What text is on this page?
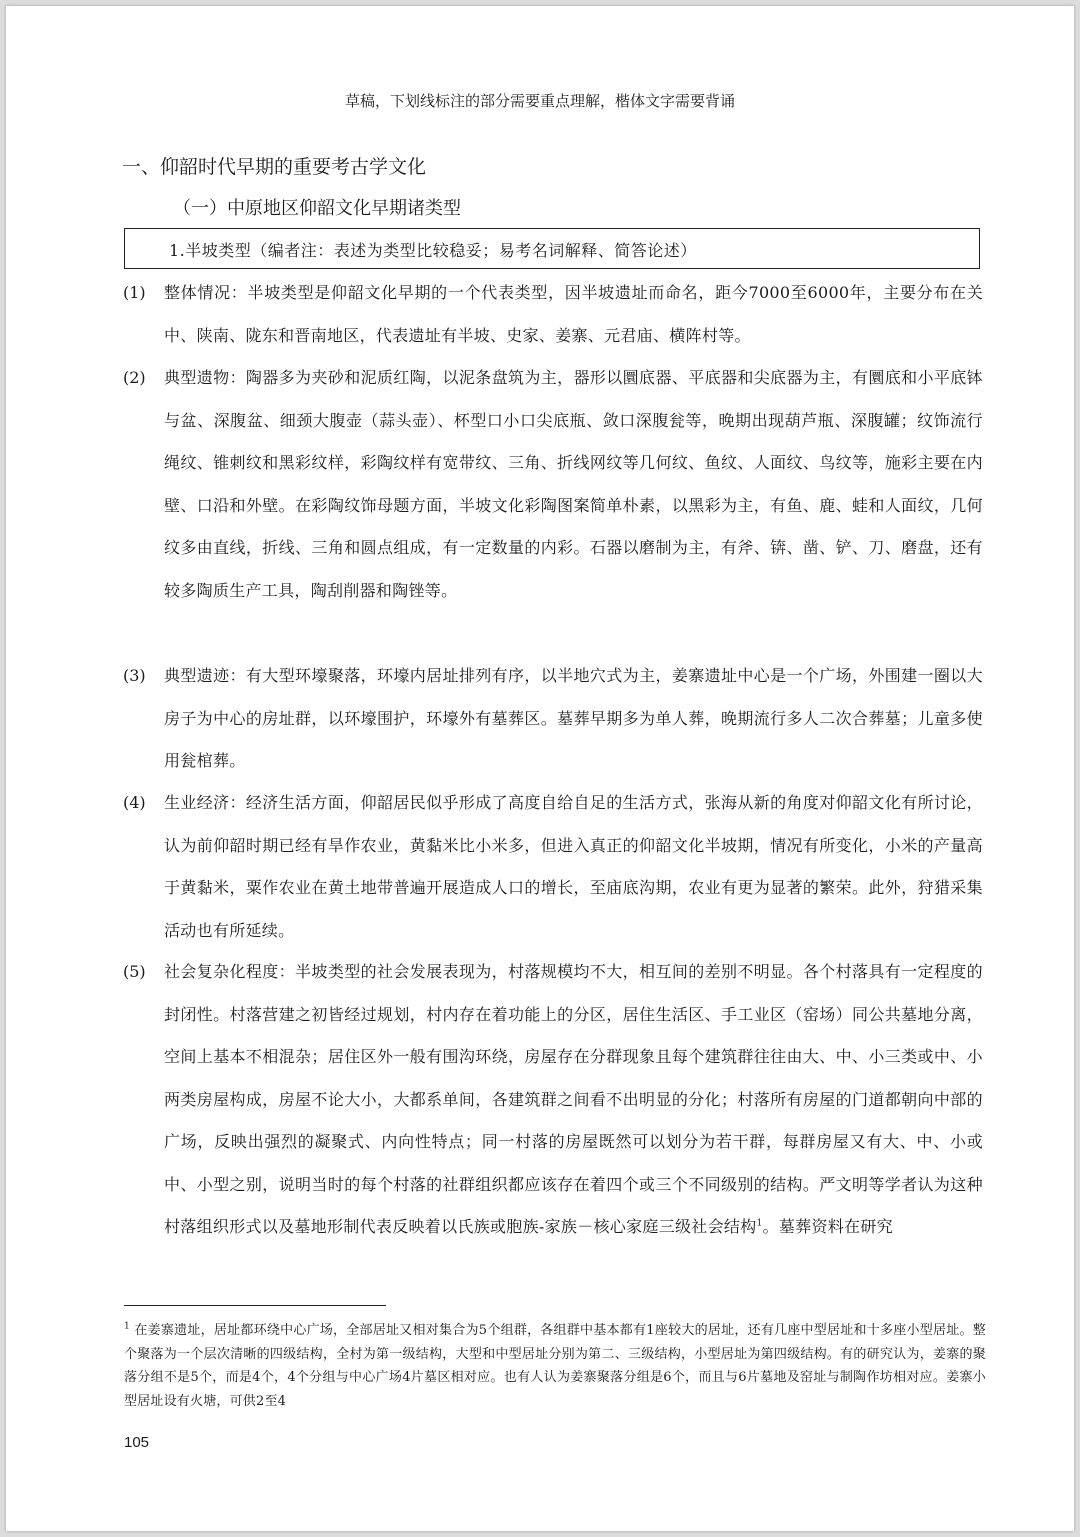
草稿，下划线标注的部分需要重点理解，楷体文字需要背诵
一、仰韶时代早期的重要考古学文化
（一）中原地区仰韶文化早期诸类型
1.半坡类型（编者注：表述为类型比较稳妥；易考名词解释、简答论述）
(1) 整体情况：半坡类型是仰韶文化早期的一个代表类型，因半坡遗址而命名，距今7000至6000年，主要分布在关中、陕南、陇东和晋南地区，代表遗址有半坡、史家、姜寨、元君庙、横阵村等。
(2) 典型遗物：陶器多为夹砂和泥质红陶，以泥条盘筑为主，器形以圜底器、平底器和尖底器为主，有圜底和小平底钵与盆、深腹盆、细颈大腹壶（蒜头壶）、杯型口小口尖底瓶、敛口深腹瓮等，晚期出现葫芦瓶、深腹罐；纹饰流行绳纹、锥刺纹和黑彩纹样，彩陶纹样有宽带纹、三角、折线网纹等几何纹、鱼纹、人面纹、鸟纹等，施彩主要在内壁、口沿和外壁。在彩陶纹饰母题方面，半坡文化彩陶图案简单朴素，以黑彩为主，有鱼、鹿、蛙和人面纹，几何纹多由直线，折线、三角和圆点组成，有一定数量的内彩。石器以磨制为主，有斧、锛、凿、铲、刀、磨盘，还有较多陶质生产工具，陶刮削器和陶锉等。
(3) 典型遗迹：有大型环壕聚落，环壕内居址排列有序，以半地穴式为主，姜寨遗址中心是一个广场，外围建一圈以大房子为中心的房址群，以环壕围护，环壕外有墓葬区。墓葬早期多为单人葬，晚期流行多人二次合葬墓；儿童多使用瓮棺葬。
(4) 生业经济：经济生活方面，仰韶居民似乎形成了高度自给自足的生活方式，张海从新的角度对仰韶文化有所讨论，认为前仰韶时期已经有旱作农业，黄黏米比小米多，但进入真正的仰韶文化半坡期，情况有所变化，小米的产量高于黄黏米，粟作农业在黄土地带普遍开展造成人口的增长，至庙底沟期，农业有更为显著的繁荣。此外，狩猎采集活动也有所延续。
(5) 社会复杂化程度：半坡类型的社会发展表现为，村落规模均不大，相互间的差别不明显。各个村落具有一定程度的封闭性。村落营建之初皆经过规划，村内存在着功能上的分区，居住生活区、手工业区（窑场）同公共墓地分离，空间上基本不相混杂；居住区外一般有围沟环绕，房屋存在分群现象且每个建筑群往往由大、中、小三类或中、小两类房屋构成，房屋不论大小，大都系单间，各建筑群之间看不出明显的分化；村落所有房屋的门道都朝向中部的广场，反映出强烈的凝聚式、内向性特点；同一村落的房屋既然可以划分为若干群，每群房屋又有大、中、小或中、小型之别，说明当时的每个村落的社群组织都应该存在着四个或三个不同级别的结构。严文明等学者认为这种村落组织形式以及墓地形制代表反映着以氏族或胞族-家族－核心家庭三级社会结构$^1$。墓葬资料在研究
$^1$ 在姜寨遗址，居址都环绕中心广场，全部居址又相对集合为5个组群，各组群中基本都有1座较大的居址，还有几座中型居址和十多座小型居址。整个聚落为一个层次清晰的四级结构，全村为第一级结构，大型和中型居址分别为第二、三级结构，小型居址为第四级结构。有的研究认为，姜寨的聚落分组不是5个，而是4个，4个分组与中心广场4片墓区相对应。也有人认为姜寨聚落分组是6个，而且与6片墓地及窑址与制陶作坊相对应。姜寨小型居址设有火塘，可供2至4
105
